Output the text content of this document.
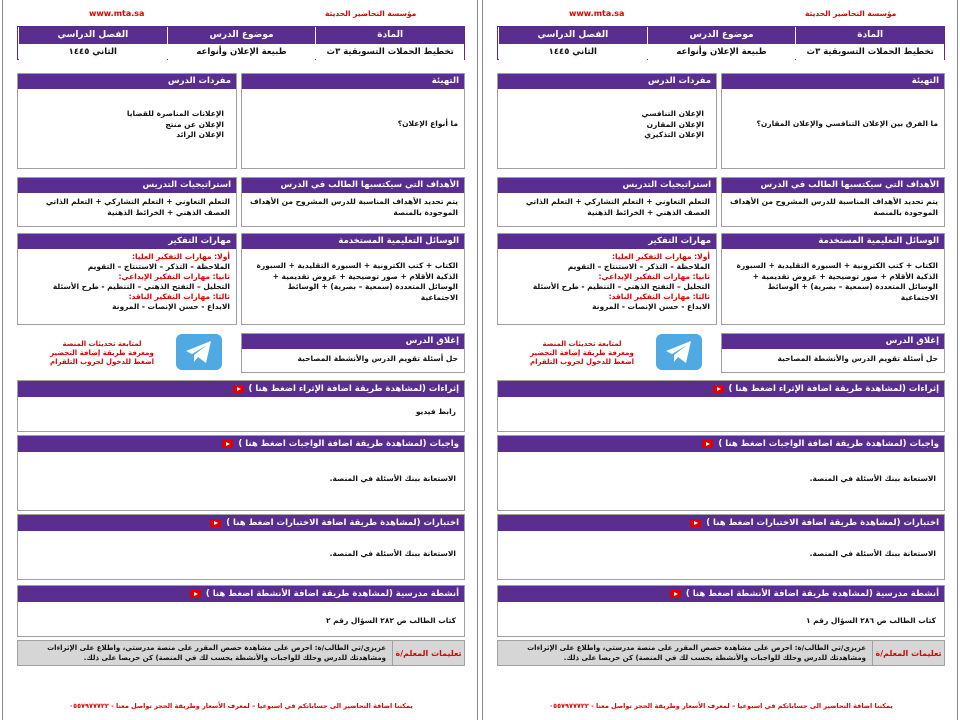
www.mta.sa	مؤسسة التحاضير الحديثة
المادة
تخطيط الحملات التسويقية ٣ث
موضوع الدرس
طبيعة الإعلان وأنواعه
الفصل الدراسي
الثاني ١٤٤٥
التهيئة
ما أنواع الإعلان؟
مفردات الدرس
الإعلانات المناصرة للقضايا
الإعلان عن منتج
الإعلان الرائد
الأهداف التي سيكتسبها الطالب في الدرس
يتم تحديد الأهداف المناسبة للدرس المشروح من الأهداف الموجودة بالمنصة
استراتيجيات التدريس
التعلم التعاوني + التعلم التشاركي + التعلم الذاتي
العصف الذهني + الخرائط الذهنية
الوسائل التعليمية المستخدمة
الكتاب + كتب الكترونية + السبورة التقليدية + السبورة الذكية الأقلام + صور توضيحية + عروض تقديمية + الوسائل المتعددة (سمعية – بصرية) + الوسائط الاجتماعية
مهارات التفكير
أولا: مهارات التفكير العليا:
الملاحظة – التذكر – الاستنتاج – التقويم
ثانيا: مهارات التفكير الإبداعي:
التحليل – التفتح الذهني – التنظيم - طرح الأسئلة
ثالثا: مهارات التفكير الناقد:
الابداع - حسن الإنصات - المرونة
إغلاق الدرس
حل أسئلة تقويم الدرس والأنشطة المصاحبة
لمتابعة تحديثات المنصة
ومعرفة طريقة إضافة التحضير
اضغط للدخول لجروب التلقرام
إثراءات (لمشاهدة طريقة اضافة الإثراء اضغط هنا )
رابط فيديو
واجبات (لمشاهدة طريقة اضافة الواجبات اضغط هنا )
الاستعانة ببنك الأسئلة في المنصة.
اختبارات (لمشاهدة طريقة اضافة الاختبارات اضغط هنا )
الاستعانة ببنك الأسئلة في المنصة.
أنشطة مدرسية (لمشاهدة طريقة اضافة الأنشطة اضغط هنا )
كتاب الطالب ص ٢٨٢ السؤال رقم ٢
تعليمات المعلم/ة
عزيزي/تي الطالب/ة: احرص على مشاهدة حصص المقرر على منصة مدرستي، واطلاع على الإثراءات ومشاهدتك للدرس وحلك للواجبات والأنشطة يحسب لك في المنصة) كن حريصا على ذلك.
يمكننا اضافة التحاضير الى حساباتكم في اسبوعيا – لمعرف الأسعار وطريقة الحجز تواصل معنا - ٠٥٥٧٩٧٧٧٢٢
www.mta.sa	مؤسسة التحاضير الحديثة
المادة
تخطيط الحملات التسويقية ٣ث
موضوع الدرس
طبيعة الإعلان وأنواعه
الفصل الدراسي
الثاني ١٤٤٥
التهيئة
ما الفرق بين الإعلان التنافسي والإعلان المقارن؟
مفردات الدرس
الإعلان التنافسي
الإعلان المقارن
الإعلان التذكيري
الأهداف التي سيكتسبها الطالب في الدرس
يتم تحديد الأهداف المناسبة للدرس المشروح من الأهداف الموجودة بالمنصة
استراتيجيات التدريس
التعلم التعاوني + التعلم التشاركي + التعلم الذاتي
العصف الذهني + الخرائط الذهنية
الوسائل التعليمية المستخدمة
الكتاب + كتب الكترونية + السبورة التقليدية + السبورة الذكية الأقلام + صور توضيحية + عروض تقديمية + الوسائل المتعددة (سمعية – بصرية) + الوسائط الاجتماعية
مهارات التفكير
أولا: مهارات التفكير العليا:
الملاحظة – التذكر – الاستنتاج – التقويم
ثانيا: مهارات التفكير الإبداعي:
التحليل – التفتح الذهني – التنظيم - طرح الأسئلة
ثالثا: مهارات التفكير الناقد:
الابداع - حسن الإنصات - المرونة
إغلاق الدرس
حل أسئلة تقويم الدرس والأنشطة المصاحبة
لمتابعة تحديثات المنصة
ومعرفة طريقة إضافة التحضير
اضغط للدخول لجروب التلقرام
إثراءات (لمشاهدة طريقة اضافة الإثراء اضغط هنا )
واجبات (لمشاهدة طريقة اضافة الواجبات اضغط هنا )
الاستعانة ببنك الأسئلة في المنصة.
اختبارات (لمشاهدة طريقة اضافة الاختبارات اضغط هنا )
الاستعانة ببنك الأسئلة في المنصة.
أنشطة مدرسية (لمشاهدة طريقة اضافة الأنشطة اضغط هنا )
كتاب الطالب ص ٢٨٦ السؤال رقم ١
تعليمات المعلم/ة
عزيزي/تي الطالب/ة: احرص على مشاهدة حصص المقرر على منصة مدرستي، واطلاع على الإثراءات ومشاهدتك للدرس وحلك للواجبات والأنشطة يحسب لك في المنصة) كن حريصا على ذلك.
يمكننا اضافة التحاضير الى حساباتكم في اسبوعيا – لمعرف الأسعار وطريقة الحجز تواصل معنا - ٠٥٥٧٩٧٧٧٢٢
